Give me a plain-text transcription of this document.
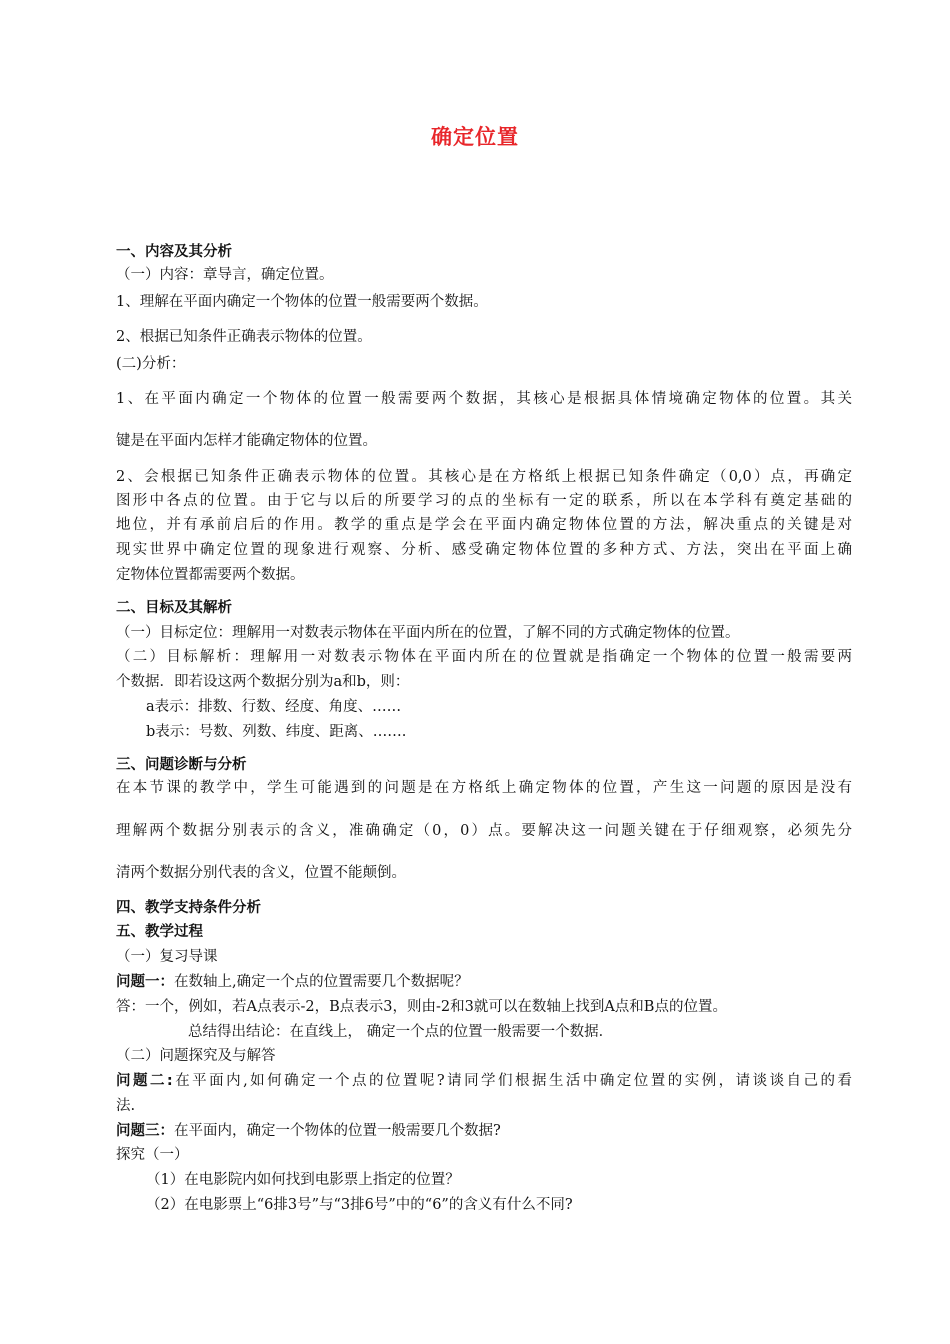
确定位置
一、内容及其分析
（一）内容：章导言，确定位置。
1、理解在平面内确定一个物体的位置一般需要两个数据。
2、根据已知条件正确表示物体的位置。
(二)分析：
1、在平面内确定一个物体的位置一般需要两个数据，其核心是根据具体情境确定物体的位置。其关
键是在平面内怎样才能确定物体的位置。
2、会根据已知条件正确表示物体的位置。其核心是在方格纸上根据已知条件确定（0,0）点，再确定
图形中各点的位置。由于它与以后的所要学习的点的坐标有一定的联系，所以在本学科有奠定基础的
地位，并有承前启后的作用。教学的重点是学会在平面内确定物体位置的方法，解决重点的关键是对
现实世界中确定位置的现象进行观察、分析、感受确定物体位置的多种方式、方法，突出在平面上确
定物体位置都需要两个数据。
二、目标及其解析
（一）目标定位：理解用一对数表示物体在平面内所在的位置，了解不同的方式确定物体的位置。
（二）目标解析：理解用一对数表示物体在平面内所在的位置就是指确定一个物体的位置一般需要两
个数据．即若设这两个数据分别为a和b，则：
a表示：排数、行数、经度、角度、……
b表示：号数、列数、纬度、距离、…….
三、问题诊断与分析
在本节课的教学中，学生可能遇到的问题是在方格纸上确定物体的位置，产生这一问题的原因是没有
理解两个数据分别表示的含义，准确确定（0，0）点。要解决这一问题关键在于仔细观察，必须先分
清两个数据分别代表的含义，位置不能颠倒。
四、教学支持条件分析
五、教学过程
（一）复习导课
问题一：在数轴上,确定一个点的位置需要几个数据呢？
答：一个，例如，若A点表示-2，B点表示3，则由-2和3就可以在数轴上找到A点和B点的位置。
总结得出结论：在直线上， 确定一个点的位置一般需要一个数据．
（二）问题探究及与解答
问题二:在平面内,如何确定一个点的位置呢?请同学们根据生活中确定位置的实例，请谈谈自己的看
法.
问题三：在平面内，确定一个物体的位置一般需要几个数据?
探究（一）
（1）在电影院内如何找到电影票上指定的位置？
（2）在电影票上“6排3号”与“3排6号”中的“6”的含义有什么不同?
